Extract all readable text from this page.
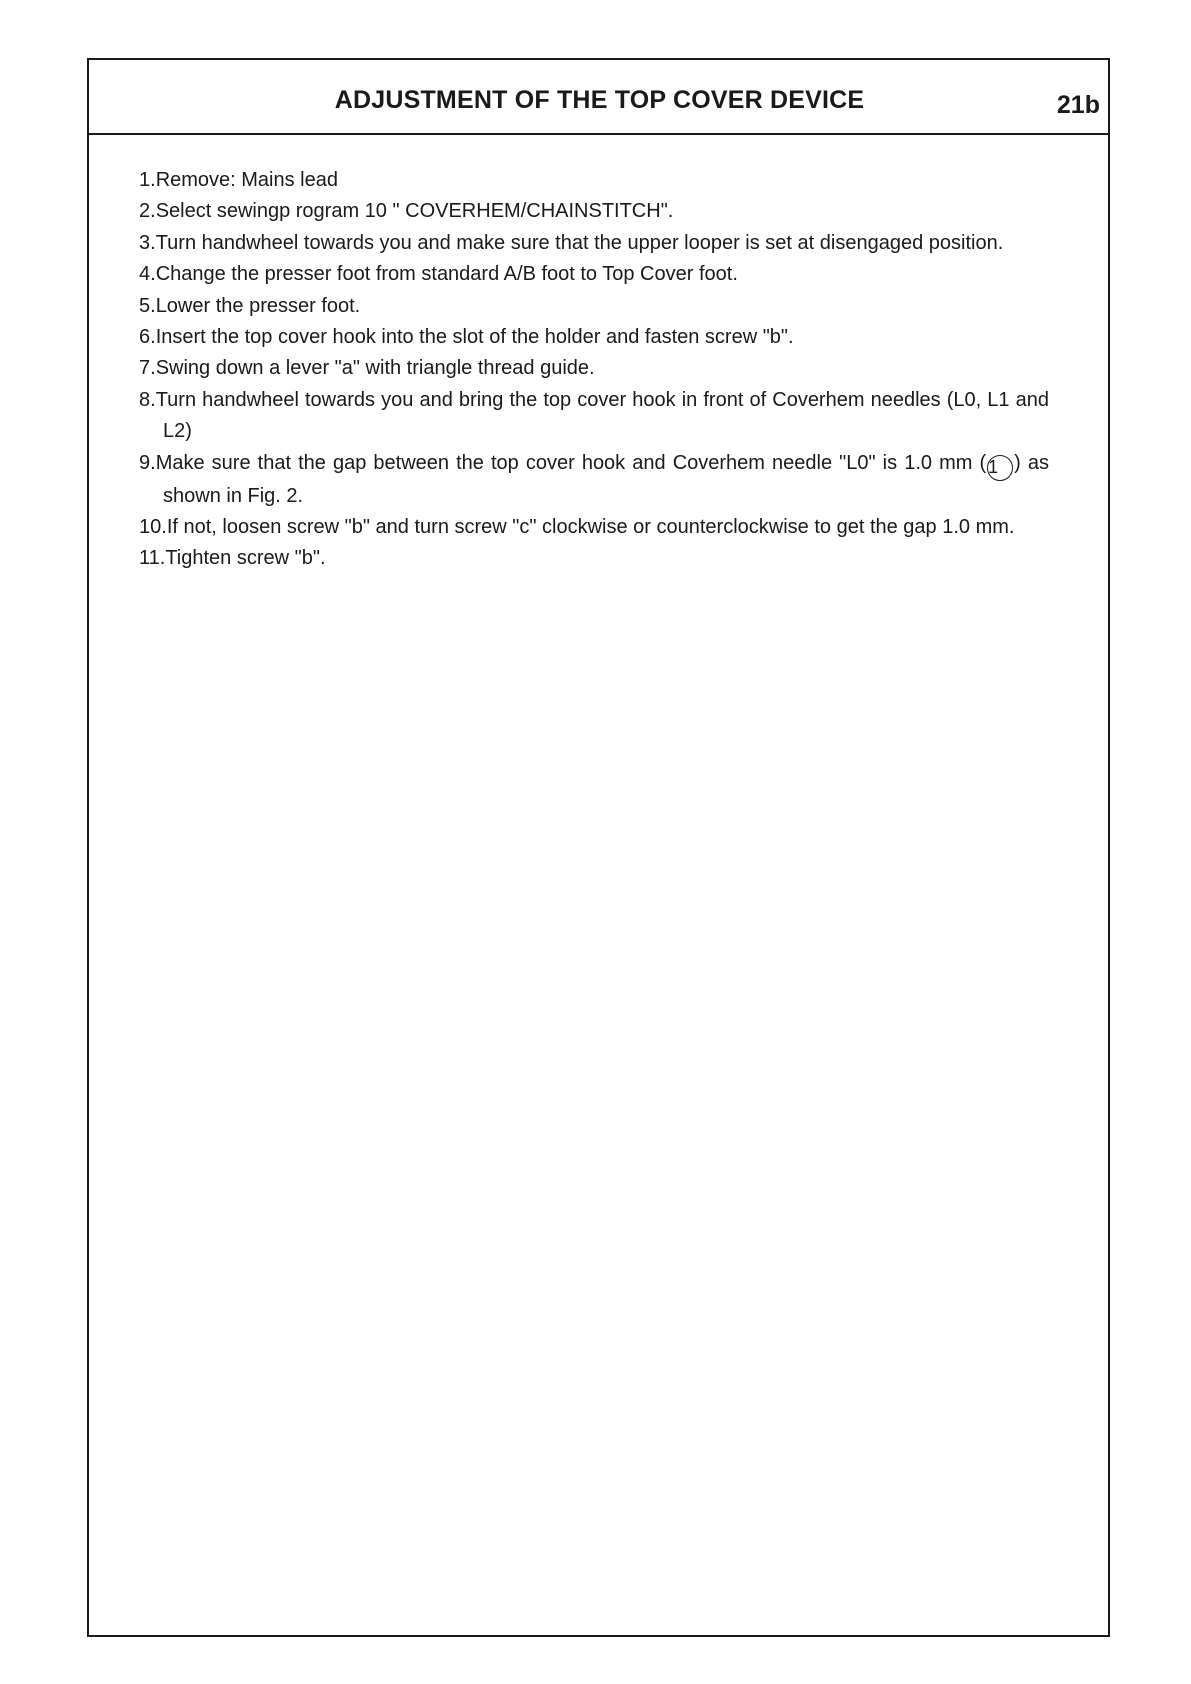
ADJUSTMENT OF THE TOP COVER DEVICE	21b
1.Remove: Mains lead
2.Select sewingp rogram 10 " COVERHEM/CHAINSTITCH".
3.Turn handwheel towards you and make sure that the upper looper is set at disengaged position.
4.Change the presser foot from standard A/B foot to Top Cover foot.
5.Lower the presser foot.
6.Insert the top cover hook into the slot of the holder and fasten screw "b".
7.Swing down a lever "a" with triangle thread guide.
8.Turn handwheel towards you and bring the top cover hook in front of Coverhem needles (L0, L1 and L2)
9.Make sure that the gap between the top cover hook and Coverhem needle "L0" is 1.0 mm ( 1 ) as shown in Fig. 2.
10.If not, loosen screw "b" and turn screw "c" clockwise or counterclockwise to get the gap 1.0 mm.
11.Tighten screw "b".
